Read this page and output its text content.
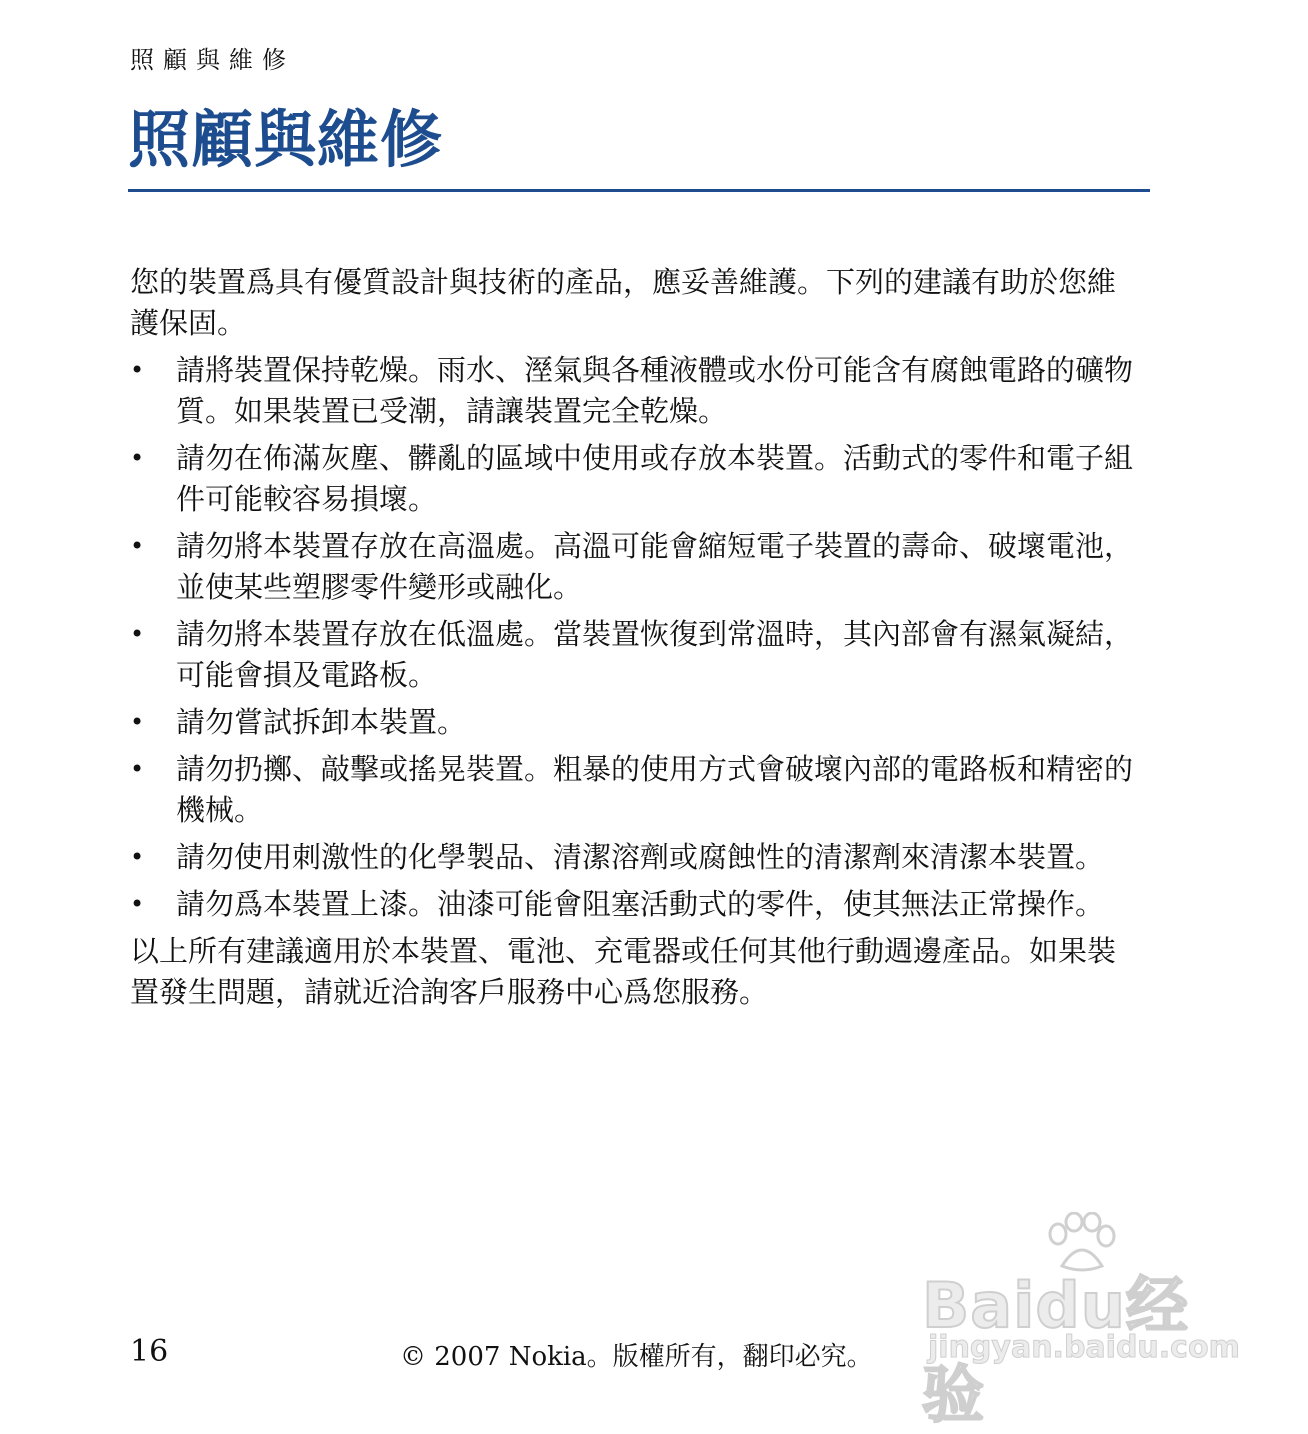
照顧與維修
照顧與維修

您的裝置爲具有優質設計與技術的產品，應妥善維護。下列的建議有助於您維護保固。

• 請將裝置保持乾燥。雨水、溼氣與各種液體或水份可能含有腐蝕電路的礦物質。如果裝置已受潮，請讓裝置完全乾燥。
• 請勿在佈滿灰塵、髒亂的區域中使用或存放本裝置。活動式的零件和電子組件可能較容易損壞。
• 請勿將本裝置存放在高溫處。高溫可能會縮短電子裝置的壽命、破壞電池，並使某些塑膠零件變形或融化。
• 請勿將本裝置存放在低溫處。當裝置恢復到常溫時，其內部會有濕氣凝結，可能會損及電路板。
• 請勿嘗試拆卸本裝置。
• 請勿扔擲、敲擊或搖晃裝置。粗暴的使用方式會破壞內部的電路板和精密的機械。
• 請勿使用刺激性的化學製品、清潔溶劑或腐蝕性的清潔劑來清潔本裝置。
• 請勿爲本裝置上漆。油漆可能會阻塞活動式的零件，使其無法正常操作。

以上所有建議適用於本裝置、電池、充電器或任何其他行動週邊產品。如果裝置發生問題，請就近洽詢客戶服務中心爲您服務。

16	© 2007 Nokia。版權所有，翻印必究。
Baidu经验
jingyan.baidu.com
